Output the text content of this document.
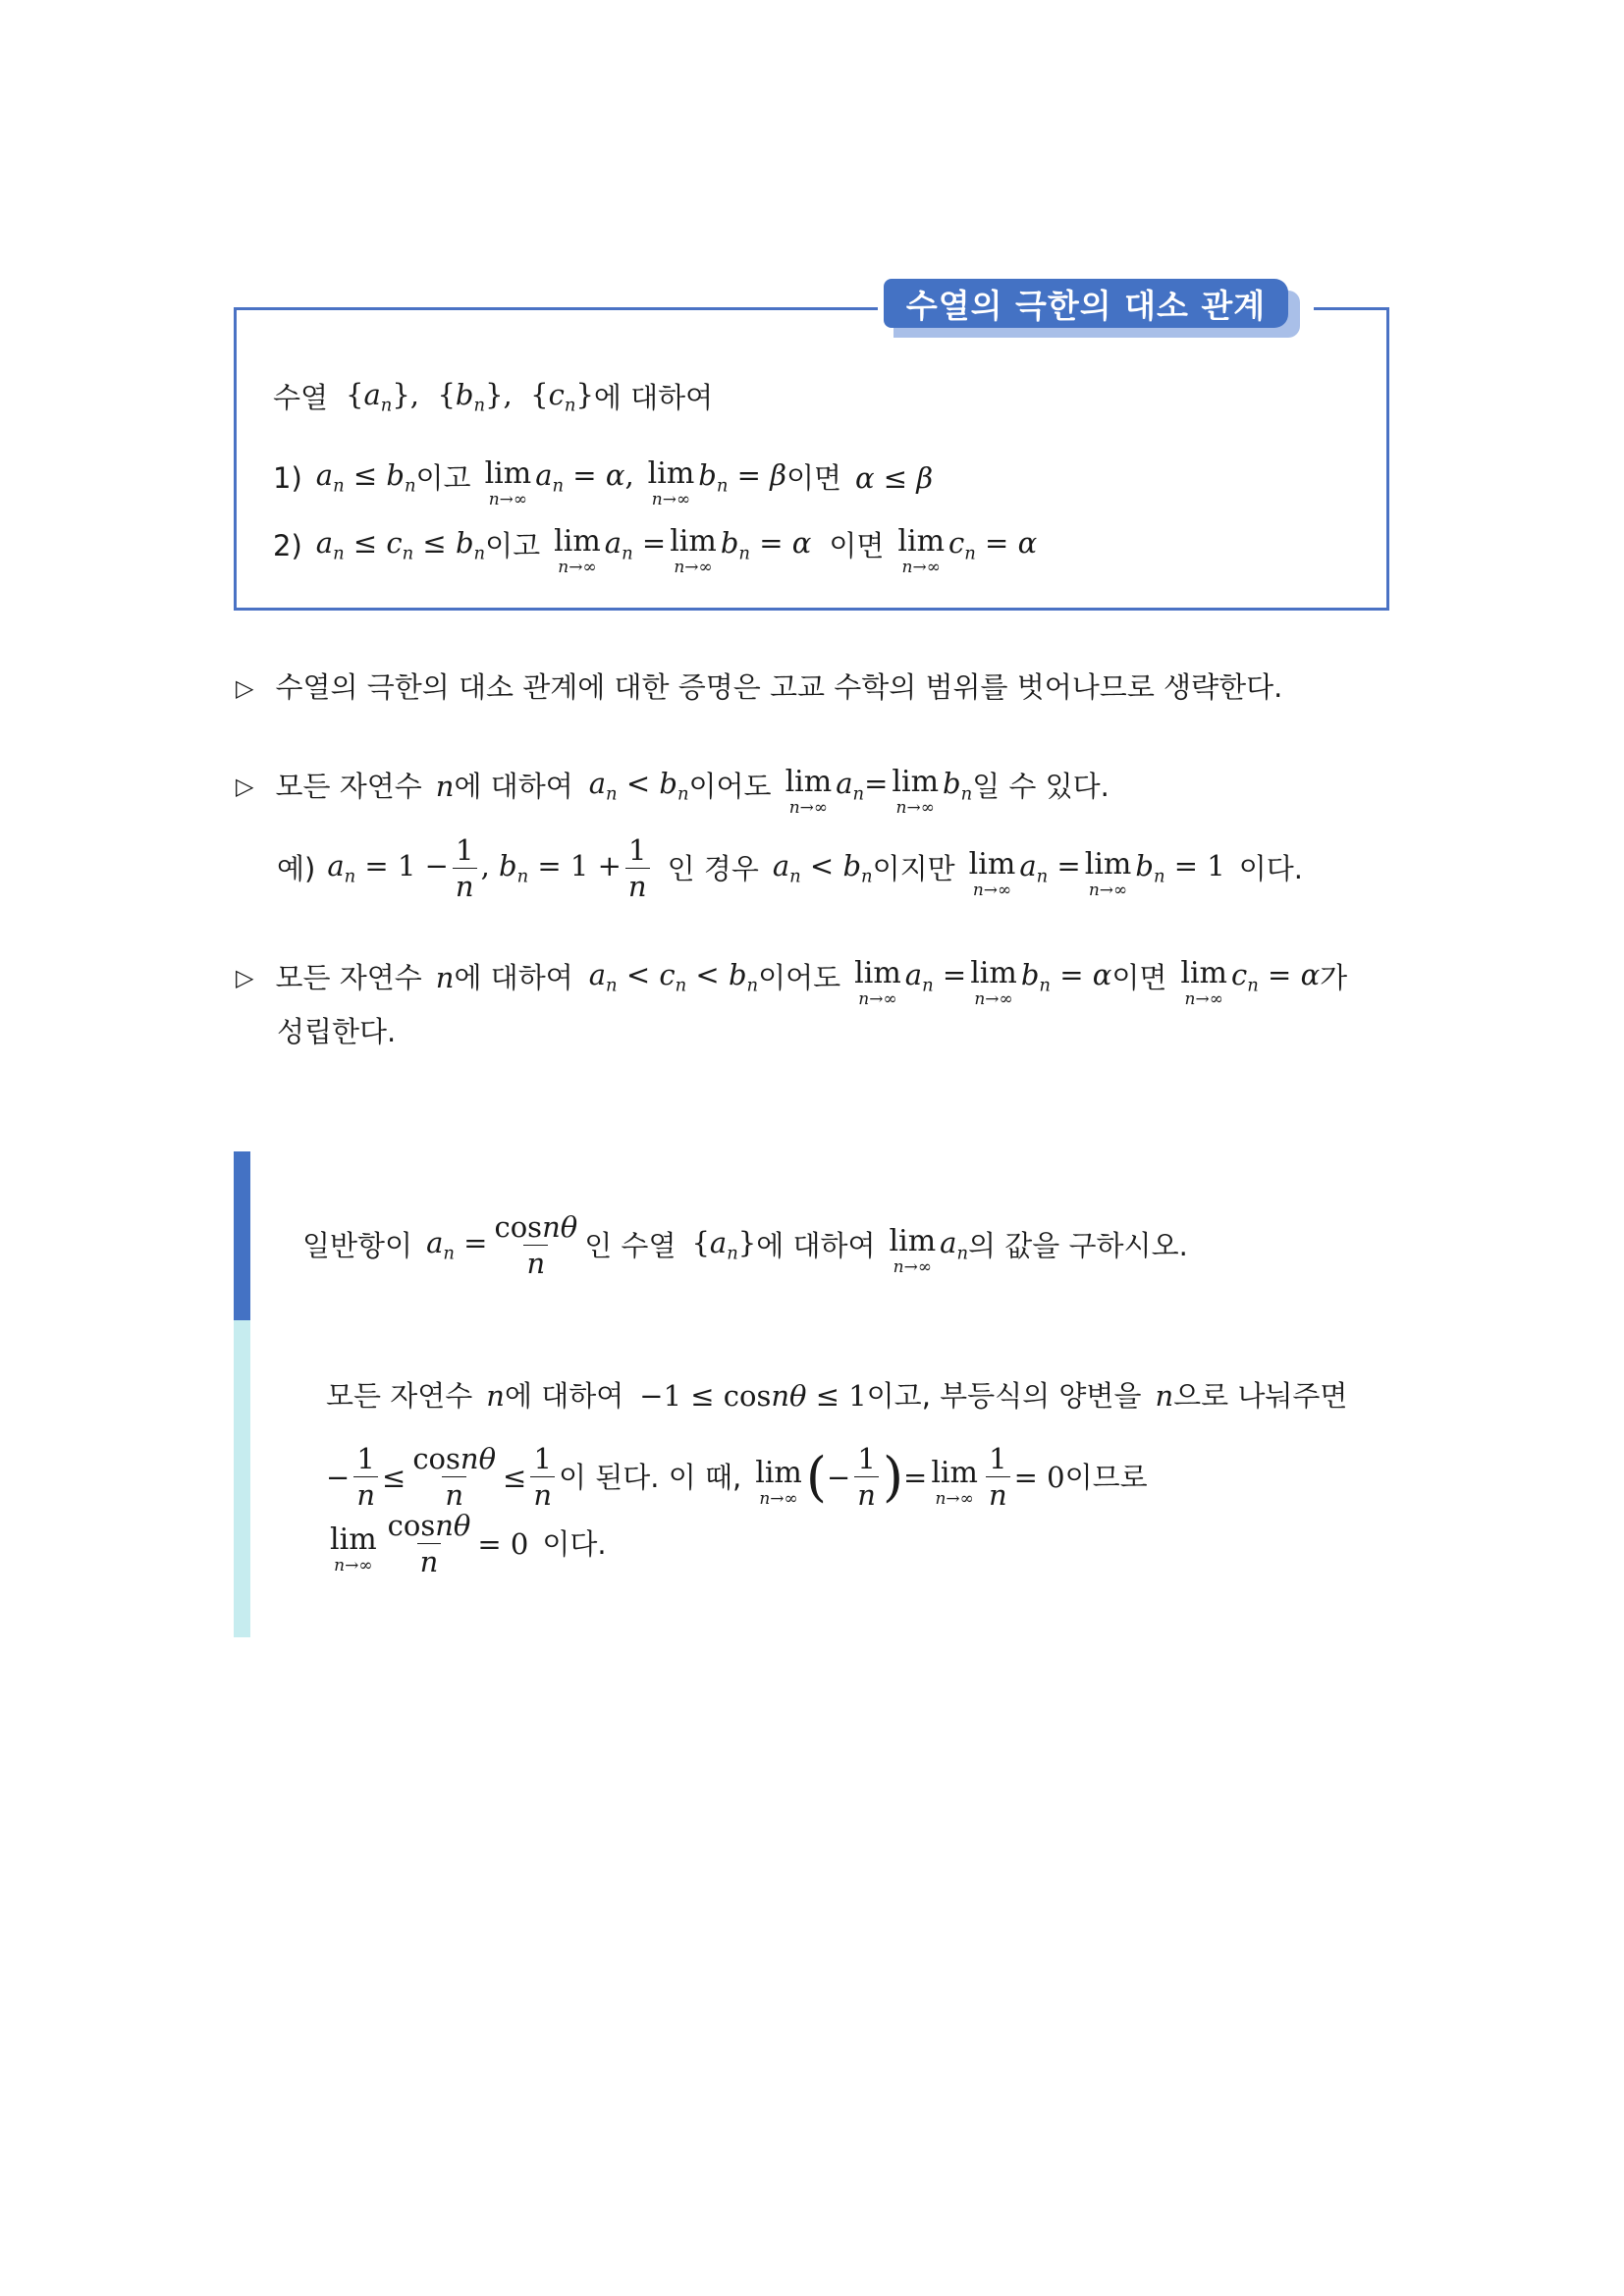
수열의 극한의 대소 관계
수열 $\{a_n\}$,  $\{b_n\}$,  $\{c_n\}$ 에 대하여
1) $a_n \le b_n$ 이고 lim
n→∞
$a_n = \alpha$, lim
n→∞
$b_n = \beta$ 이면 α ≤ β
2) $a_n \le c_n \le b_n$ 이고 lim
n→∞
$a_n = \lim$
n→∞
$b_n = \alpha$ 이면 lim
n→∞
$c_n = \alpha$
▷ 수열의 극한의 대소 관계에 대한 증명은 고교 수학의 범위를 벗어나므로 생략한다.
▷ 모든 자연수 n 에 대하여 $a_n < b_n$ 이어도 lim
n→∞
$a_n= \lim$
n→∞
$b_n$ 일 수 있다.
예) $a_n = 1 - \frac{1}{n}$ , $b_n = 1 + \frac{1}{n}$ 인 경우 $a_n < b_n$ 이지만 lim
n→∞
$a_n = \lim$
n→∞
$b_n = 1$ 이다.
▷ 모든 자연수 n 에 대하여 $a_n < c_n < b_n$ 이어도 lim
n→∞
$a_n = \lim$
n→∞
$b_n = \alpha$ 이면 lim
n→∞
$c_n = \alpha$ 가
성립한다.
일반항이 $a_n = \frac{\cos n\theta}{n}$ 인 수열 $\{a_n\}$ 에 대하여 lim
n→∞
$a_n$ 의 값을 구하시오.
모든 자연수 n 에 대하여 −1 ≤ cosnθ ≤ 1 이고, 부등식의 양변을 n 으로 나눠주면
− $\frac{1}{n} \le \frac{\cos n\theta}{n} \le \frac{1}{n}$ 이 된다. 이 때, lim
n→∞ ( − $\frac{1}{n}$ ) = lim
$n\to\infty \frac{1}{n} = 0$ 이므로
lim
$n\to\infty \frac{\cos n\theta}{n} = 0$ 이다.
